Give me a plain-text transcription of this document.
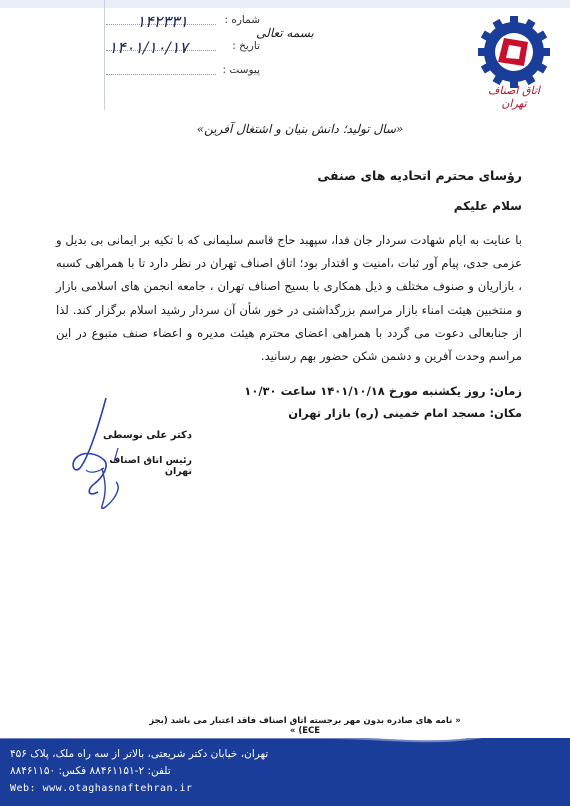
اتاق اصناف تهران
بسمه تعالی
شماره :
۱۴۲۳۳۱
تاریخ :
۱۴۰۱/۱۰/۱۷
پیوست :
«سال تولید؛ دانش بنیان و اشتغال آفرین»

رؤسای محترم اتحادیه های صنفی

سلام علیکم

با عنایت به ایام شهادت سردار جان فدا، سپهبد حاج قاسم سلیمانی که با تکیه بر ایمانی بی بدیل و عزمی جدی، پیام آور ثبات ،امنیت و اقتدار بود؛ اتاق اصناف تهران در نظر دارد تا با همراهی کسبه ، بازاریان و صنوف مختلف و ذیل همکاری با بسیج اصناف تهران ، جامعه انجمن های اسلامی بازار و منتخبین هیئت امناء بازار مراسم بزرگداشتی در خور شأن آن سردار رشید اسلام برگزار کند. لذا از جنابعالی دعوت می گردد با همراهی اعضای محترم هیئت مدیره و اعضاء صنف متبوع در این مراسم وحدت آفرین و دشمن شکن حضور بهم رسانید.

زمان: روز یکشنبه مورخ ۱۴۰۱/۱۰/۱۸ ساعت ۱۰/۳۰
مکان: مسجد امام خمینی (ره) بازار تهران
دکتر علی نوسطی
رئیس اتاق اصناف تهران
« نامه های صادره بدون مهر برجسته اتاق اصناف فاقد اعتبار می باشد (بجز ECE) »
تهران، خیابان دکتر شریعتی، بالاتر از سه راه ملک، پلاک ۴۵۶
تلفن: ۲-۸۸۴۶۱۱۵۱ فکس: ۸۸۴۶۱۱۵۰
Web: www.otaghasnaftehran.ir
